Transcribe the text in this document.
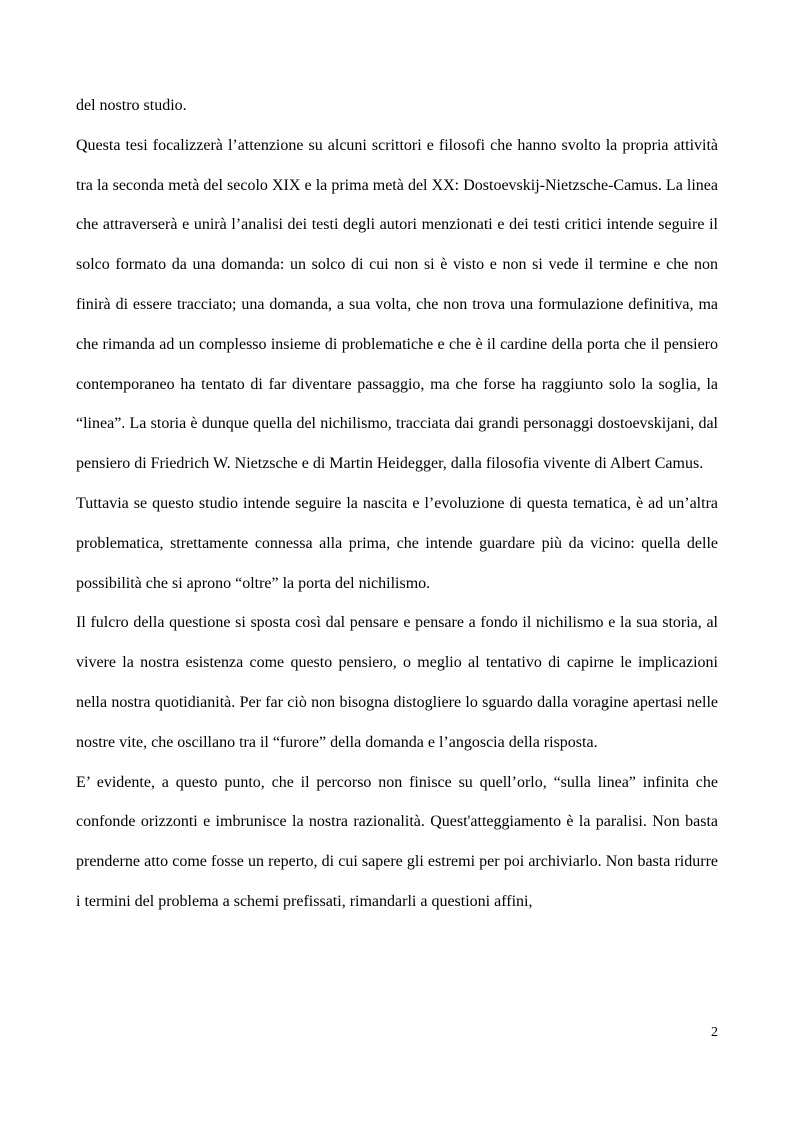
del nostro studio.

Questa tesi focalizzerà l’attenzione su alcuni scrittori e filosofi che hanno svolto la propria attività tra la seconda metà del secolo XIX e la prima metà del XX: Dostoevskij-Nietzsche-Camus. La linea che attraverserà e unirà l’analisi dei testi degli autori menzionati e dei testi critici intende seguire il solco formato da una domanda: un solco di cui non si è visto e non si vede il termine e che non finirà di essere tracciato; una domanda, a sua volta, che non trova una formulazione definitiva, ma che rimanda ad un complesso insieme di problematiche e che è il cardine della porta che il pensiero contemporaneo ha tentato di far diventare passaggio, ma che forse ha raggiunto solo la soglia, la “linea”. La storia è dunque quella del nichilismo, tracciata dai grandi personaggi dostoevskijani, dal pensiero di Friedrich W. Nietzsche e di Martin Heidegger, dalla filosofia vivente di Albert Camus.

Tuttavia se questo studio intende seguire la nascita e l’evoluzione di questa tematica, è ad un’altra problematica, strettamente connessa alla prima, che intende guardare più da vicino: quella delle possibilità che si aprono “oltre” la porta del nichilismo.

Il fulcro della questione si sposta così dal pensare e pensare a fondo il nichilismo e la sua storia, al vivere la nostra esistenza come questo pensiero, o meglio al tentativo di capirne le implicazioni nella nostra quotidianità. Per far ciò non bisogna distogliere lo sguardo dalla voragine apertasi nelle nostre vite, che oscillano tra il “furore” della domanda e l’angoscia della risposta.

E’ evidente, a questo punto, che il percorso non finisce su quell’orlo, “sulla linea” infinita che confonde orizzonti e imbrunisce la nostra razionalità. Quest'atteggiamento è la paralisi. Non basta prenderne atto come fosse un reperto, di cui sapere gli estremi per poi archiviarlo. Non basta ridurre i termini del problema a schemi prefissati, rimandarli a questioni affini,

2
